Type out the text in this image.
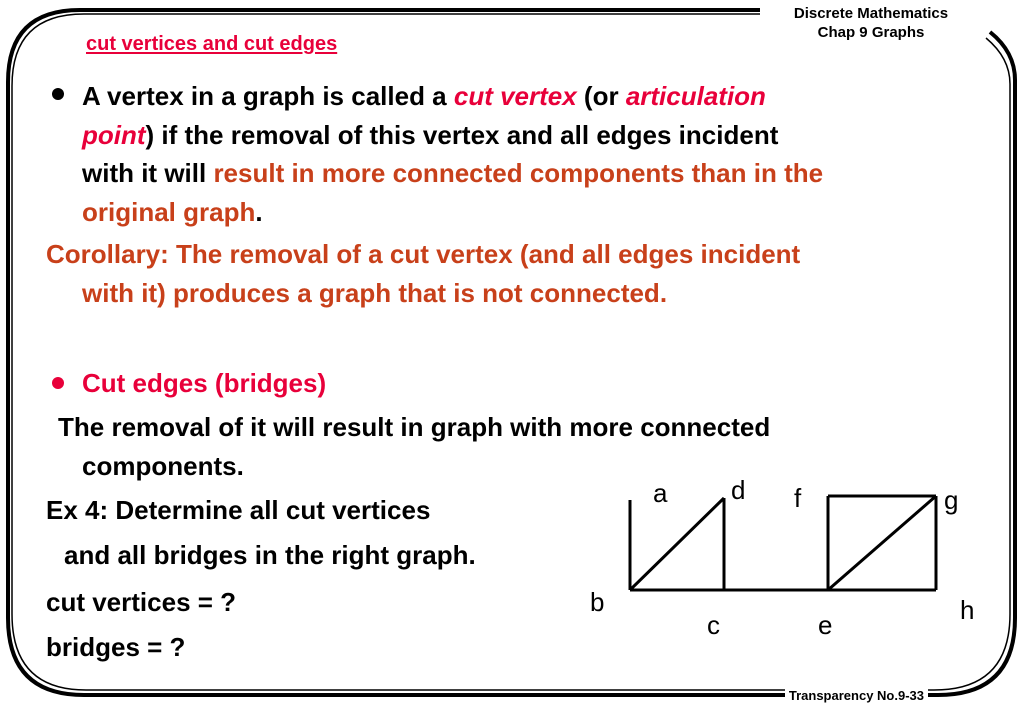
Discrete Mathematics
Chap 9 Graphs
cut vertices and cut edges
A vertex in a graph is called a cut vertex (or articulation
point) if the removal of this vertex and all edges incident
with it will result in more connected components than in the
original graph.
Corollary: The removal of a cut vertex (and all edges incident
with it) produces a graph that is not connected.
Cut edges (bridges)
The removal of it will result in graph with more connected
components.
Ex 4: Determine all cut vertices
and all bridges in the right graph.
cut vertices = ?
bridges = ?
a d f	g
b	h
c	e
Transparency No.9-33
